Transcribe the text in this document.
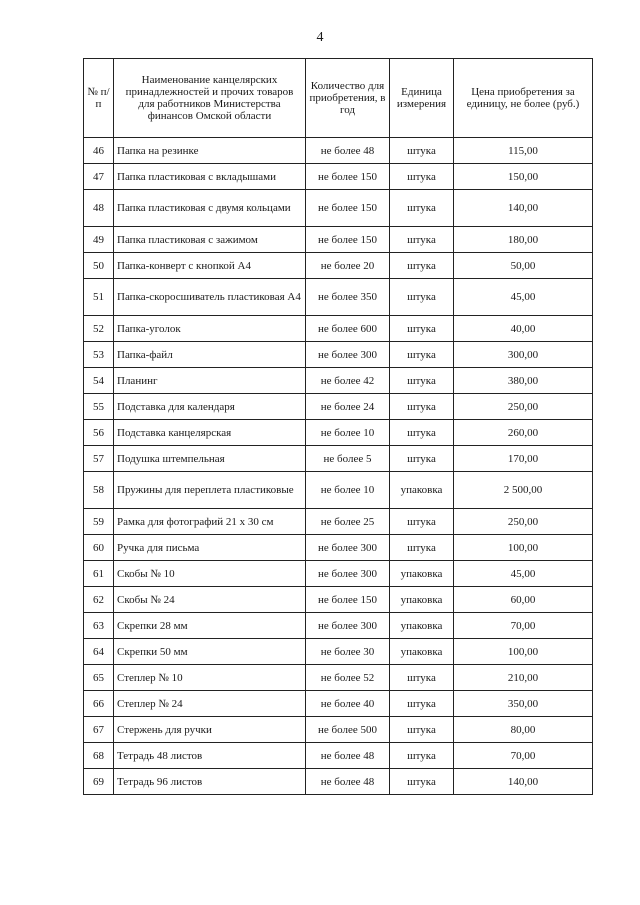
4
№ п/п	Наименование канцелярских принадлежностей и прочих товаров для работников Министерства финансов Омской области	Количество для приобретения, в год	Единица измерения	Цена приобретения за единицу, не более (руб.)
46	Папка на резинке	не более 48	штука	115,00
47	Папка пластиковая с вкладышами	не более 150	штука	150,00
48	Папка пластиковая с двумя кольцами	не более 150	штука	140,00
49	Папка пластиковая с зажимом	не более 150	штука	180,00
50	Папка-конверт с кнопкой А4	не более 20	штука	50,00
51	Папка-скоросшиватель пластиковая А4	не более 350	штука	45,00
52	Папка-уголок	не более 600	штука	40,00
53	Папка-файл	не более 300	штука	300,00
54	Планинг	не более 42	штука	380,00
55	Подставка для календаря	не более 24	штука	250,00
56	Подставка канцелярская	не более 10	штука	260,00
57	Подушка штемпельная	не более 5	штука	170,00
58	Пружины для переплета пластиковые	не более 10	упаковка	2 500,00
59	Рамка для фотографий 21 х 30 см	не более 25	штука	250,00
60	Ручка для письма	не более 300	штука	100,00
61	Скобы № 10	не более 300	упаковка	45,00
62	Скобы № 24	не более 150	упаковка	60,00
63	Скрепки 28 мм	не более 300	упаковка	70,00
64	Скрепки 50 мм	не более 30	упаковка	100,00
65	Степлер № 10	не более 52	штука	210,00
66	Степлер № 24	не более 40	штука	350,00
67	Стержень для ручки	не более 500	штука	80,00
68	Тетрадь 48 листов	не более 48	штука	70,00
69	Тетрадь 96 листов	не более 48	штука	140,00
